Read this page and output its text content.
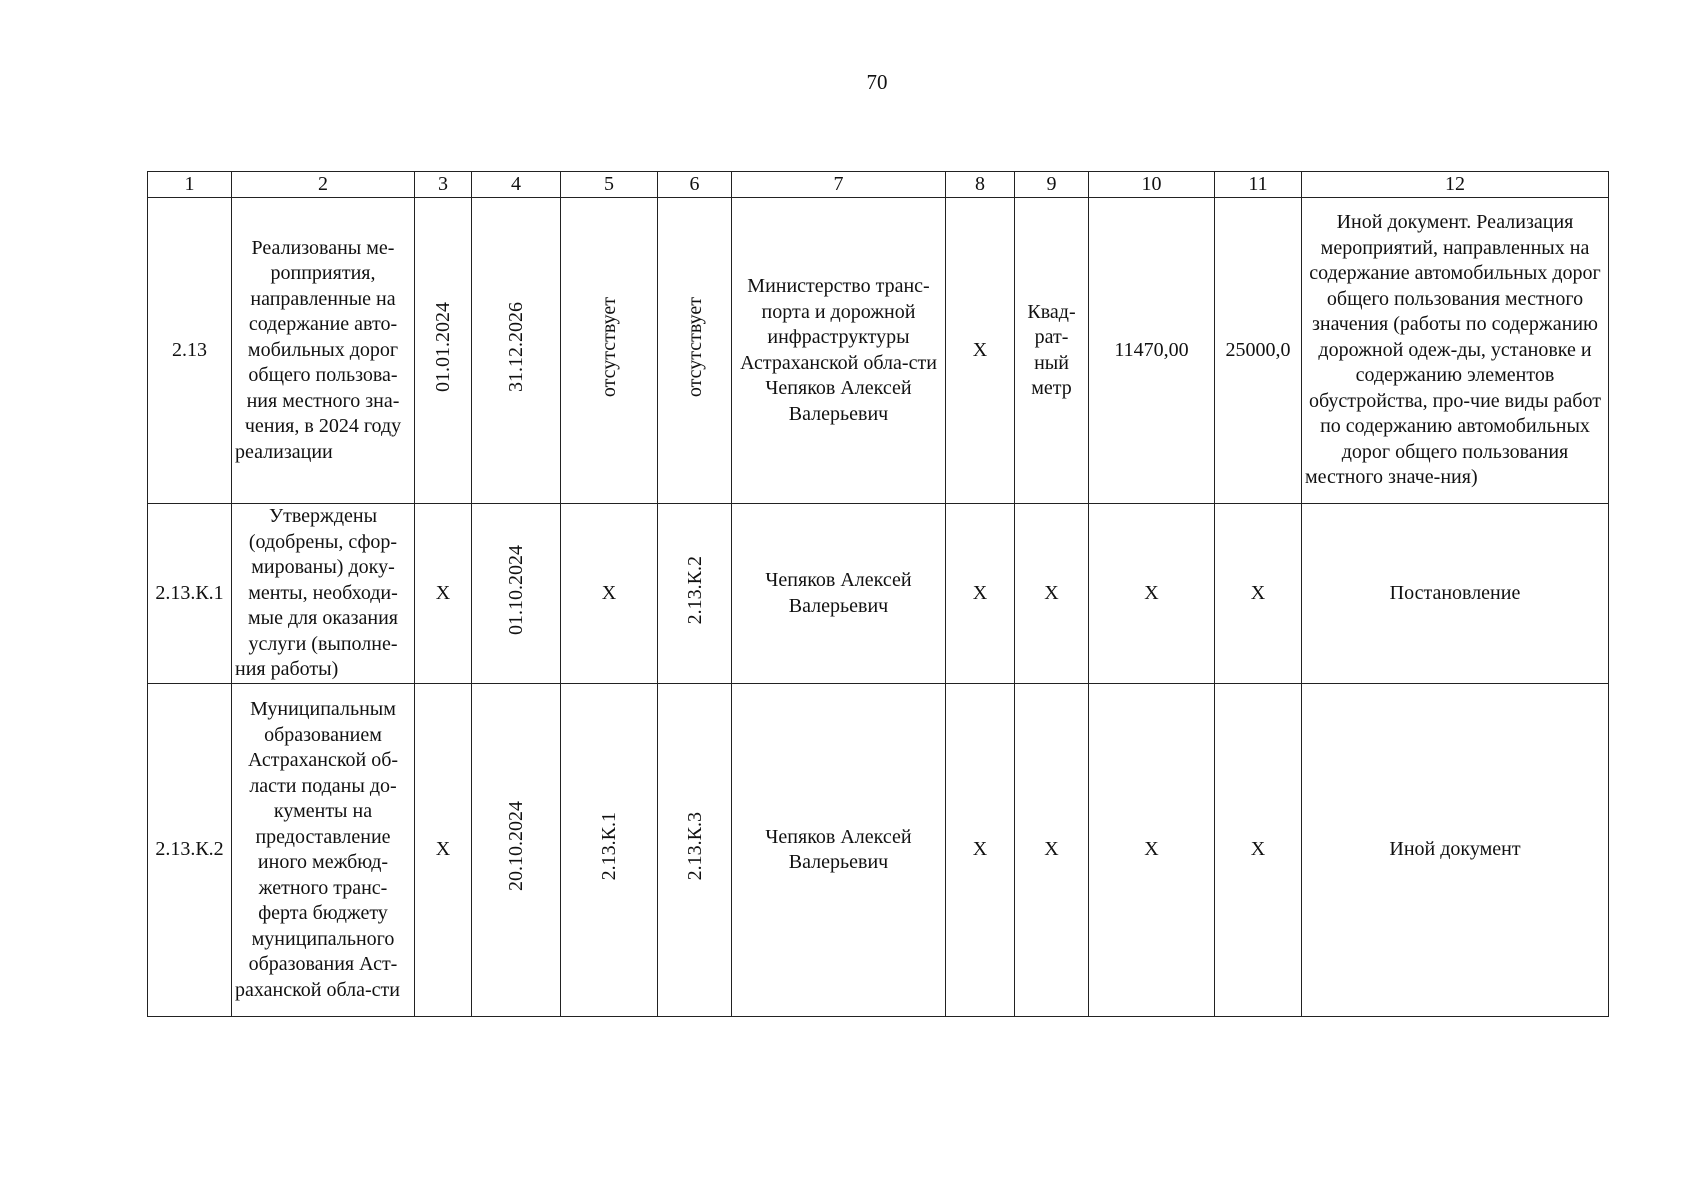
70
1	2	3	4	5	6	7	8	9	10	11	12
2.13	Реализованы ме-ропприятия, направленные на содержание авто-мобильных дорог общего пользова-ния местного зна-чения, в 2024 году реализации	01.01.2024	31.12.2026	отсутствует	отсутствует	Министерство транс-порта и дорожной инфраструктуры Астраханской обла-сти Чепяков Алексей Валерьевич	X	Квад-рат-ный метр	11470,00	25000,0	Иной документ. Реализация мероприятий, направленных на содержание автомобильных дорог общего пользования местного значения (работы по содержанию дорожной одеж-ды, установке и содержанию элементов обустройства, про-чие виды работ по содержанию автомобильных дорог общего пользования местного значе-ния)
2.13.К.1	Утверждены (одобрены, сфор-мированы) доку-менты, необходи-мые для оказания услуги (выполне-ния работы)	X	01.10.2024	X	2.13.К.2	Чепяков Алексей Валерьевич	X	X	X	X	Постановление
2.13.К.2	Муниципальным образованием Астраханской об-ласти поданы до-кументы на предоставление иного межбюд-жетного транс-ферта бюджету муниципального образования Аст-раханской обла-сти	X	20.10.2024	2.13.К.1	2.13.К.3	Чепяков Алексей Валерьевич	X	X	X	X	Иной документ
